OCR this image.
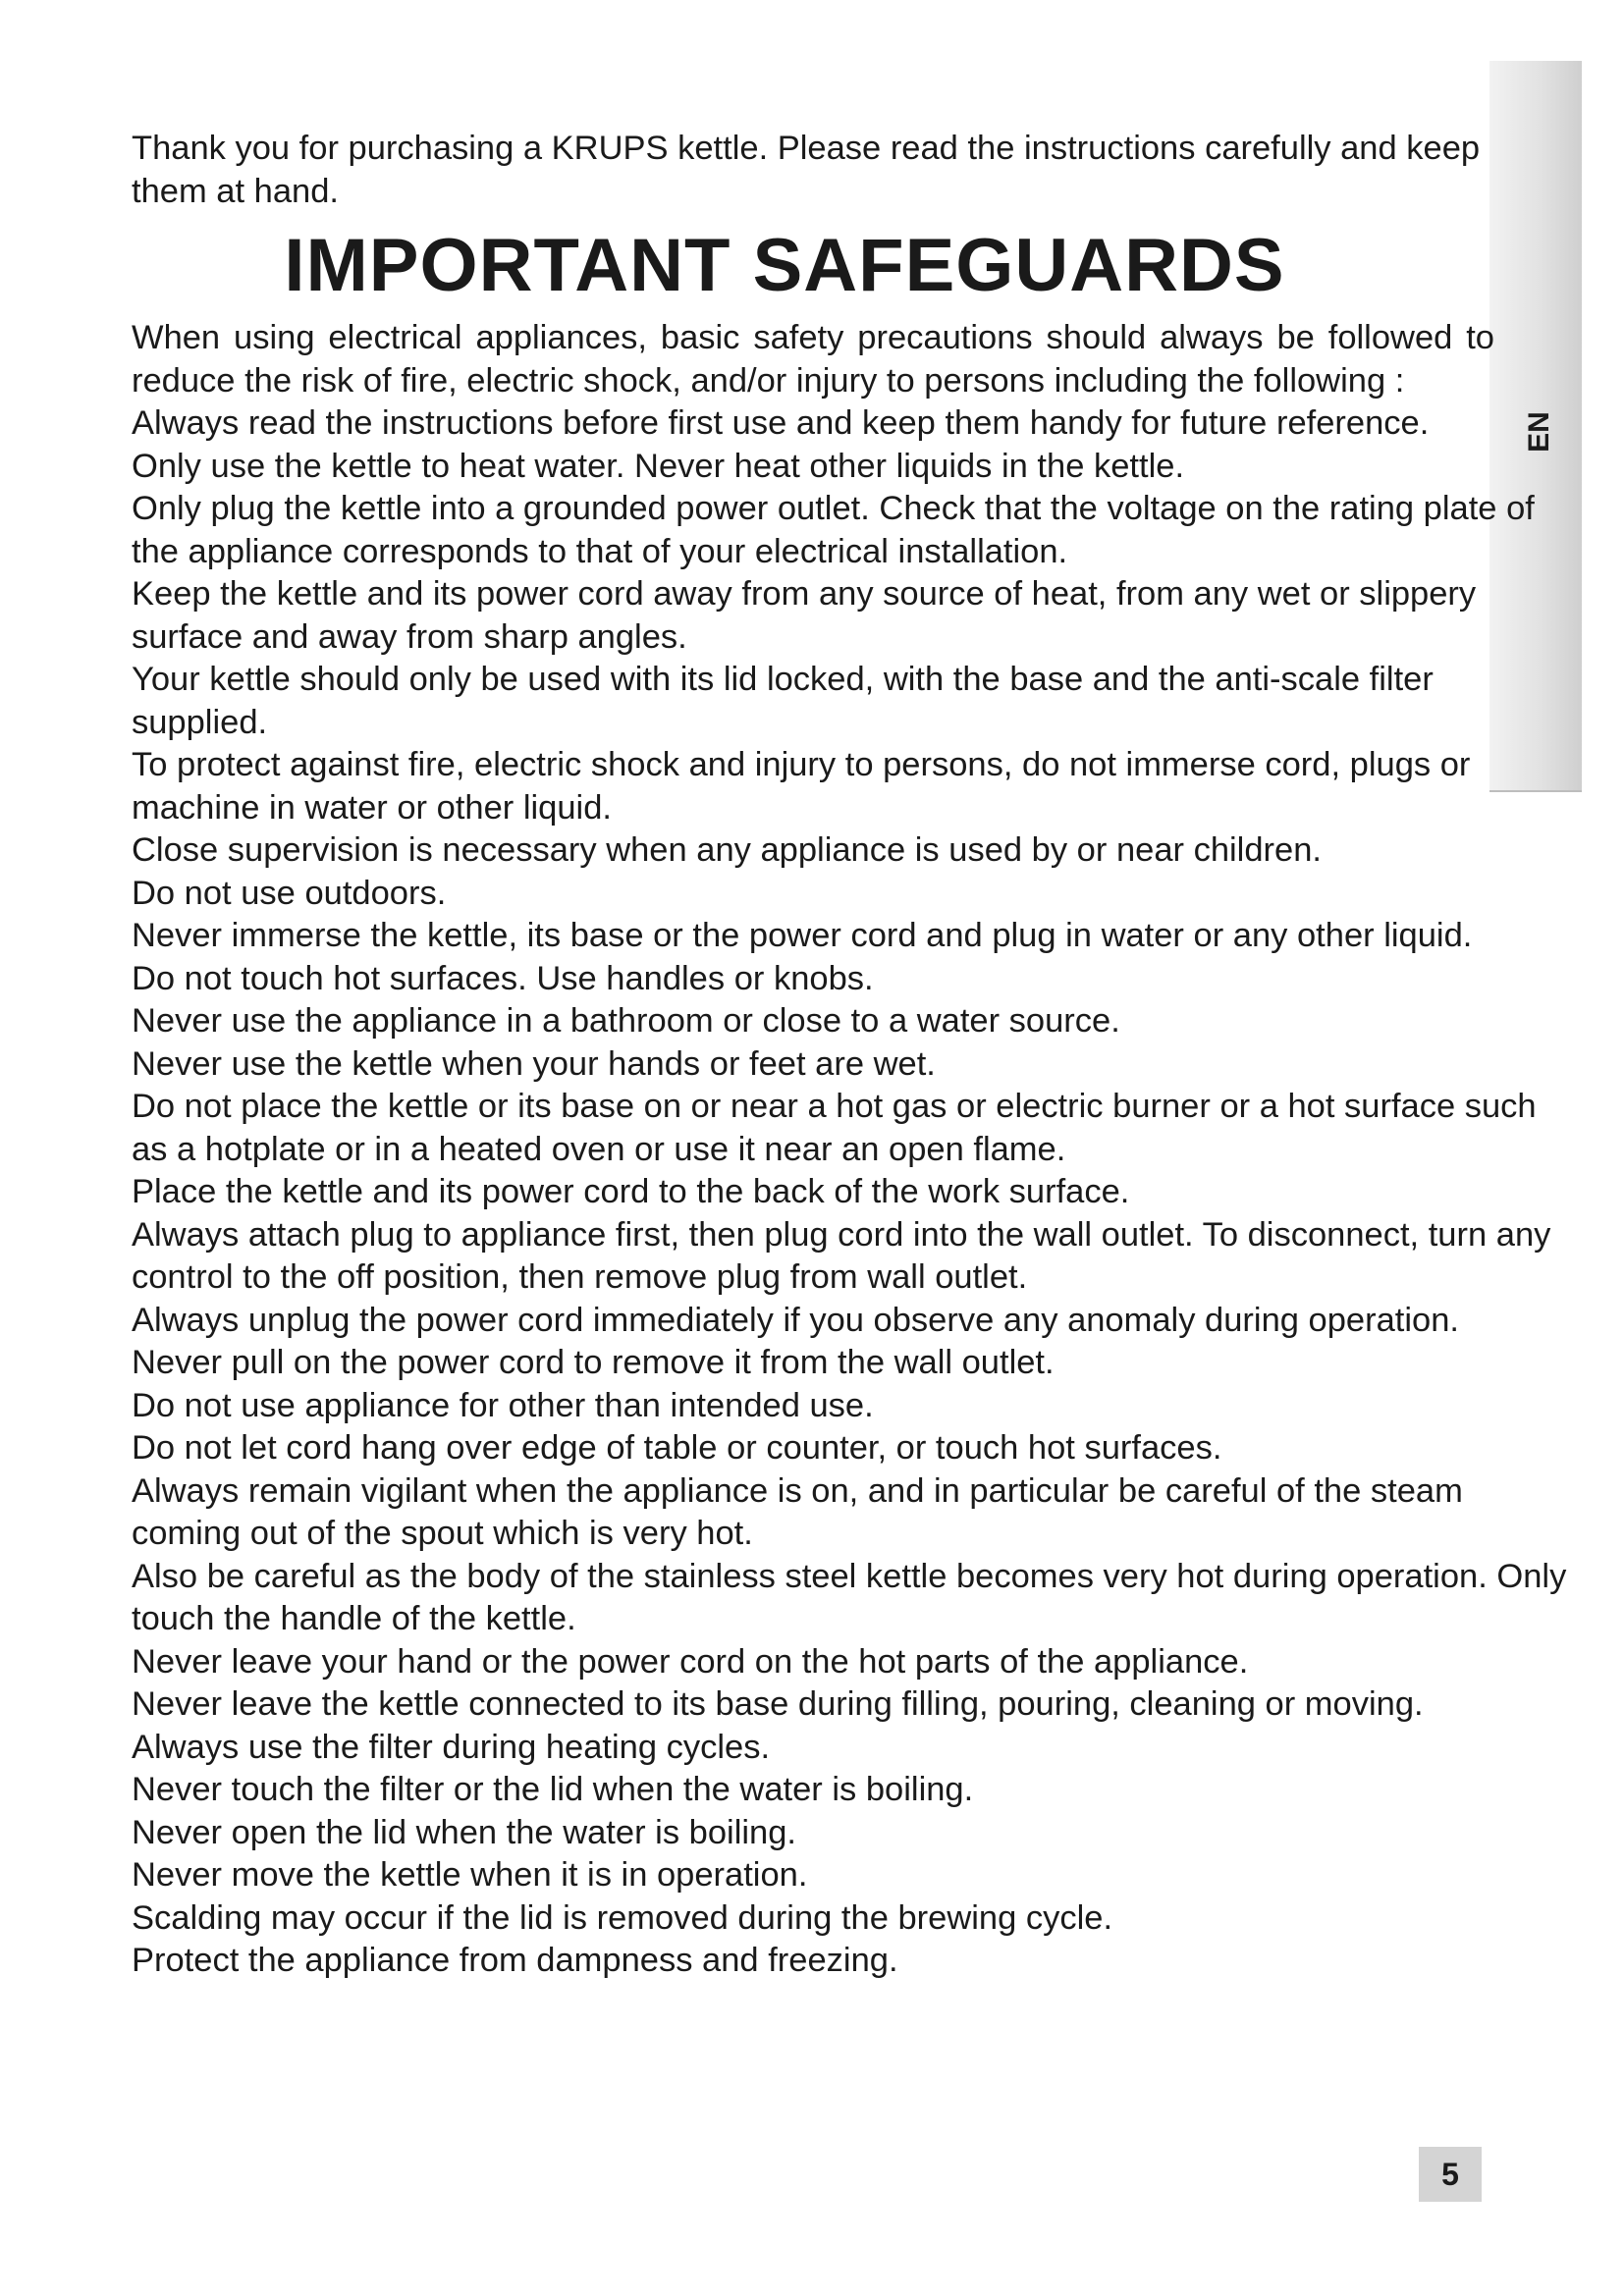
EN

Thank you for purchasing a KRUPS kettle. Please read the instructions carefully and keep them at hand.

IMPORTANT SAFEGUARDS

When using electrical appliances, basic safety precautions should always be followed to reduce the risk of fire, electric shock, and/or injury to persons including the following :

Always read the instructions before first use and keep them handy for future reference.
Only use the kettle to heat water. Never heat other liquids in the kettle.
Only plug the kettle into a grounded power outlet. Check that the voltage on the rating plate of the appliance corresponds to that of your electrical installation.
Keep the kettle and its power cord away from any source of heat, from any wet or slippery surface and away from sharp angles.
Your kettle should only be used with its lid locked, with the base and the anti-scale filter supplied.
To protect against fire, electric shock and injury to persons, do not immerse cord, plugs or machine in water or other liquid.
Close supervision is necessary when any appliance is used by or near children.
Do not use outdoors.
Never immerse the kettle, its base or the power cord and plug in water or any other liquid.
Do not touch hot surfaces. Use handles or knobs.
Never use the appliance in a bathroom or close to a water source.
Never use the kettle when your hands or feet are wet.
Do not place the kettle or its base on or near a hot gas or electric burner or a hot surface such as a hotplate or in a heated oven or use it near an open flame.
Place the kettle and its power cord to the back of the work surface.
Always attach plug to appliance first, then plug cord into the wall outlet. To disconnect, turn any control to the off position, then remove plug from wall outlet.
Always unplug the power cord immediately if you observe any anomaly during operation.
Never pull on the power cord to remove it from the wall outlet.
Do not use appliance for other than intended use.
Do not let cord hang over edge of table or counter, or touch hot surfaces.
Always remain vigilant when the appliance is on, and in particular be careful of the steam coming out of the spout which is very hot.
Also be careful as the body of the stainless steel kettle becomes very hot during operation. Only touch the handle of the kettle.
Never leave your hand or the power cord on the hot parts of the appliance.
Never leave the kettle connected to its base during filling, pouring, cleaning or moving.
Always use the filter during heating cycles.
Never touch the filter or the lid when the water is boiling.
Never open the lid when the water is boiling.
Never move the kettle when it is in operation.
Scalding may occur if the lid is removed during the brewing cycle.
Protect the appliance from dampness and freezing.
5
